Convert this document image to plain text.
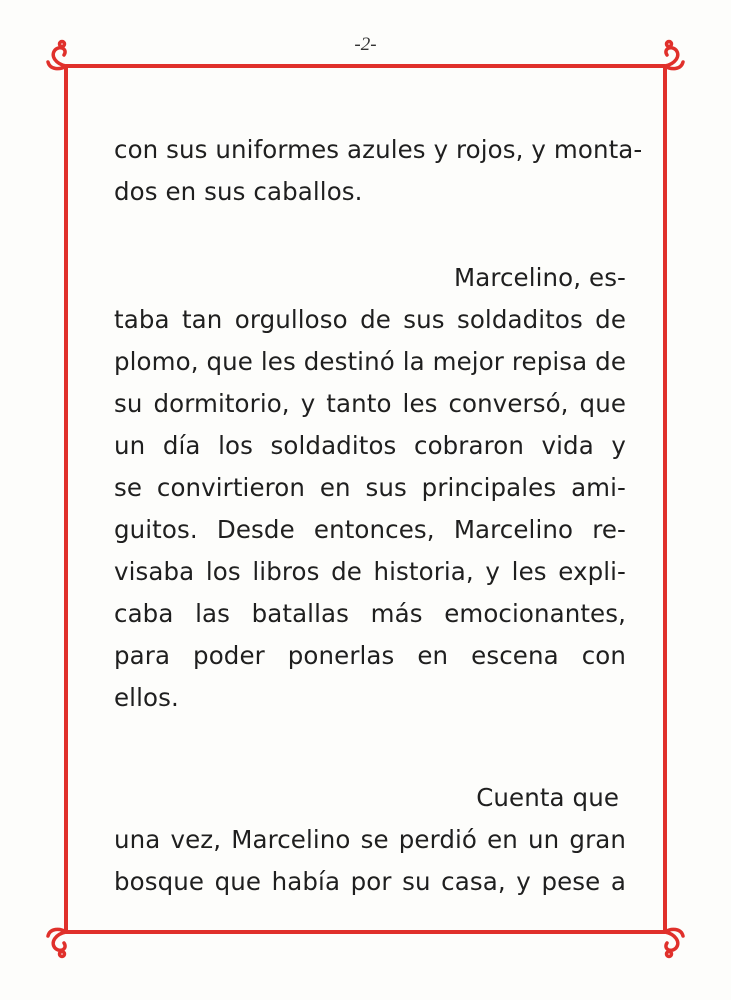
-2-
con sus uniformes azules y rojos, y monta-
dos en sus caballos.
Marcelino, es-
taba tan orgulloso de sus soldaditos de
plomo, que les destinó la mejor repisa de
su dormitorio, y tanto les conversó, que
un día los soldaditos cobraron vida y
se convirtieron en sus principales ami-
guitos. Desde entonces, Marcelino re-
visaba los libros de historia, y les expli-
caba las batallas más emocionantes,
para poder ponerlas en escena con
ellos.
Cuenta que
una vez, Marcelino se perdió en un gran
bosque que había por su casa, y pese a
